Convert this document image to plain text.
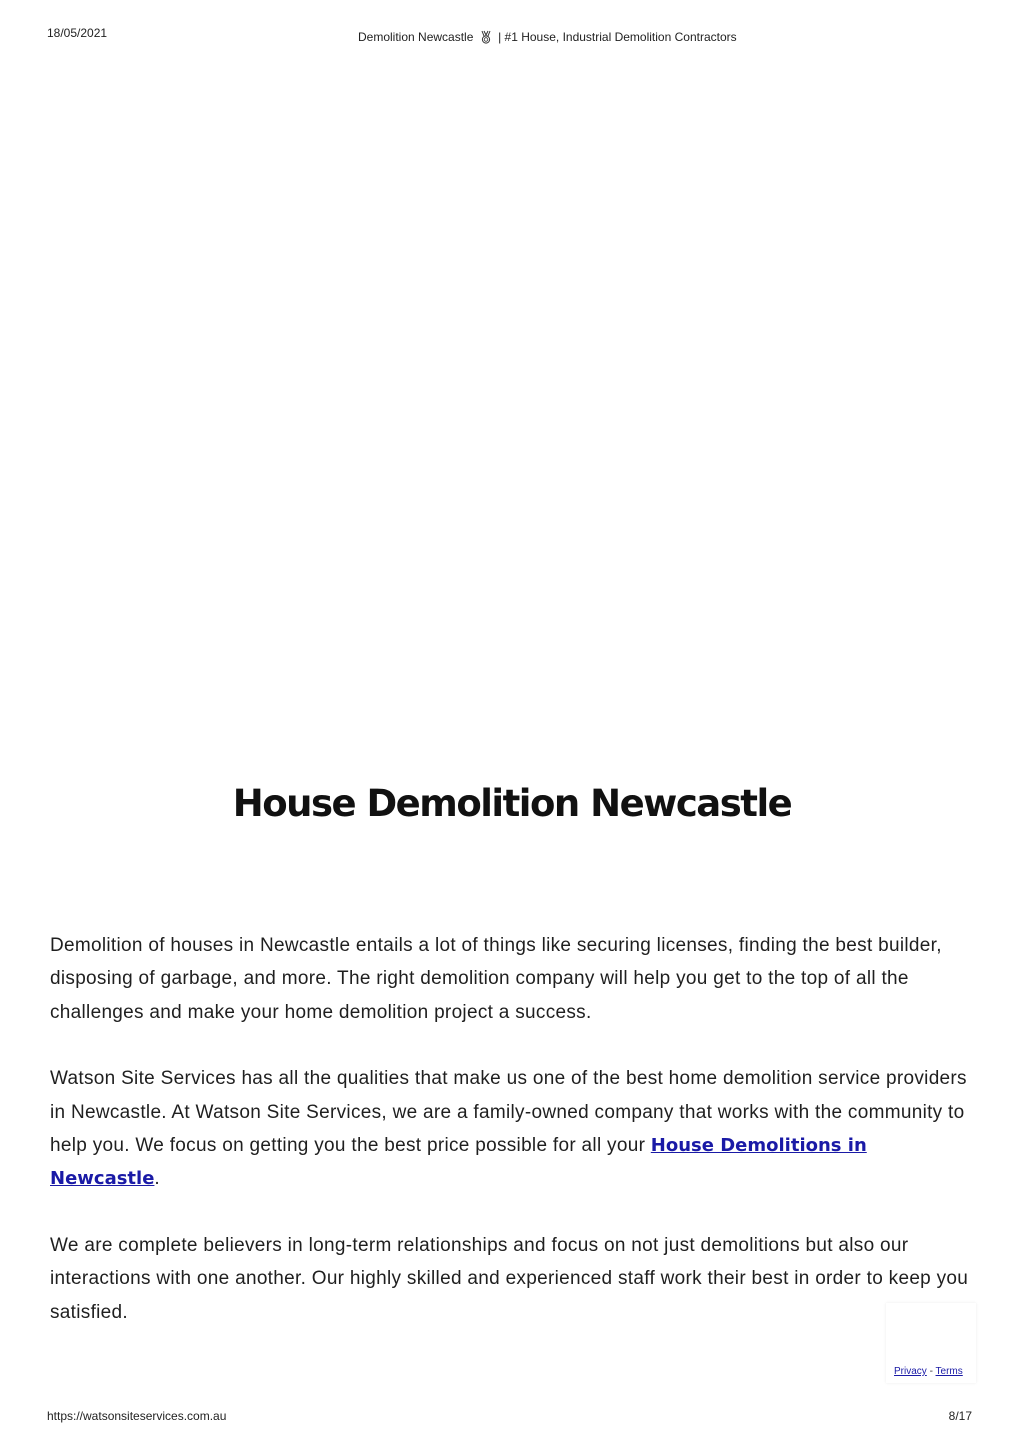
18/05/2021	Demolition Newcastle | #1 House, Industrial Demolition Contractors
House Demolition Newcastle

Demolition of houses in Newcastle entails a lot of things like securing licenses, finding the best builder, disposing of garbage, and more. The right demolition company will help you get to the top of all the challenges and make your home demolition project a success.

Watson Site Services has all the qualities that make us one of the best home demolition service providers in Newcastle. At Watson Site Services, we are a family-owned company that works with the community to help you. We focus on getting you the best price possible for all your House Demolitions in Newcastle.

We are complete believers in long-term relationships and focus on not just demolitions but also our interactions with one another. Our highly skilled and experienced staff work their best in order to keep you satisfied.

Privacy - Terms
https://watsonsiteservices.com.au	8/17
